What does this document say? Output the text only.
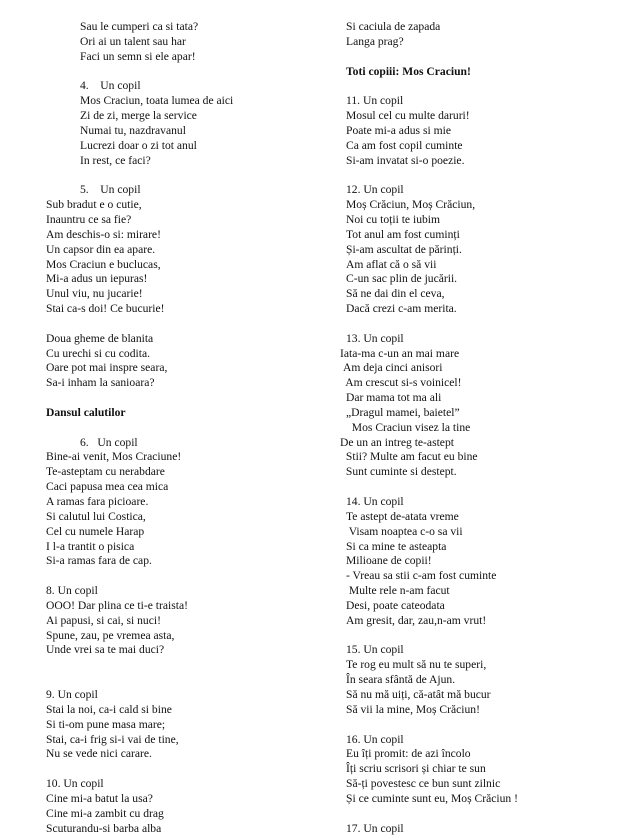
Sau le cumperi ca si tata?
Ori ai un talent sau har
Faci un semn si ele apar!
4.    Un copil
Mos Craciun, toata lumea de aici
Zi de zi, merge la service
Numai tu, nazdravanul
Lucrezi doar o zi tot anul
In rest, ce faci?
5.    Un copil
Sub bradut e o cutie,
Inauntru ce sa fie?
Am deschis-o si: mirare!
Un capsor din ea apare.
Mos Craciun e buclucas,
Mi-a adus un iepuras!
Unul viu, nu jucarie!
Stai ca-s doi! Ce bucurie!
Doua gheme de blanita
Cu urechi si cu codita.
Oare pot mai inspre seara,
Sa-i inham la sanioara?
Dansul calutilor
6.   Un copil
Bine-ai venit, Mos Craciune!
Te-asteptam cu nerabdare
Caci papusa mea cea mica
A ramas fara picioare.
Si calutul lui Costica,
Cel cu numele Harap
I l-a trantit o pisica
Si-a ramas fara de cap.
8. Un copil
OOO! Dar plina ce ti-e traista!
Ai papusi, si cai, si nuci!
Spune, zau, pe vremea asta,
Unde vrei sa te mai duci?
9. Un copil
Stai la noi, ca-i cald si bine
Si ti-om pune masa mare;
Stai, ca-i frig si-i vai de tine,
Nu se vede nici carare.
10. Un copil
Cine mi-a batut la usa?
Cine mi-a zambit cu drag
Scuturandu-si barba alba
Si caciula de zapada
Langa prag?
Toti copiii: Mos Craciun!
11. Un copil
Mosul cel cu multe daruri!
Poate mi-a adus si mie
Ca am fost copil cuminte
Si-am invatat si-o poezie.
12. Un copil
Moș Crăciun, Moș Crăciun,
Noi cu toții te iubim
Tot anul am fost cuminți
Și-am ascultat de părinți.
Am aflat că o să vii
C-un sac plin de jucării.
Să ne dai din el ceva,
Dacă crezi c-am merita.
13. Un copil
Iata-ma c-un an mai mare
Am deja cinci anisori
Am crescut si-s voinicel!
Dar mama tot ma ali
„Dragul mamei, baietel”
Mos Craciun visez la tine
De un an intreg te-astept
Stii? Multe am facut eu bine
Sunt cuminte si destept.
14. Un copil
Te astept de-atata vreme
Visam noaptea c-o sa vii
Si ca mine te asteapta
Milioane de copii!
- Vreau sa stii c-am fost cuminte
Multe rele n-am facut
Desi, poate cateodata
Am gresit, dar, zau,n-am vrut!
15. Un copil
Te rog eu mult să nu te superi,
În seara sfântă de Ajun.
Să nu mă uiți, că-atât mă bucur
Să vii la mine, Moș Crăciun!
16. Un copil
Eu îți promit: de azi încolo
Îți scriu scrisori și chiar te sun
Să-ți povestesc ce bun sunt zilnic
Și ce cuminte sunt eu, Moș Crăciun !
17. Un copil
